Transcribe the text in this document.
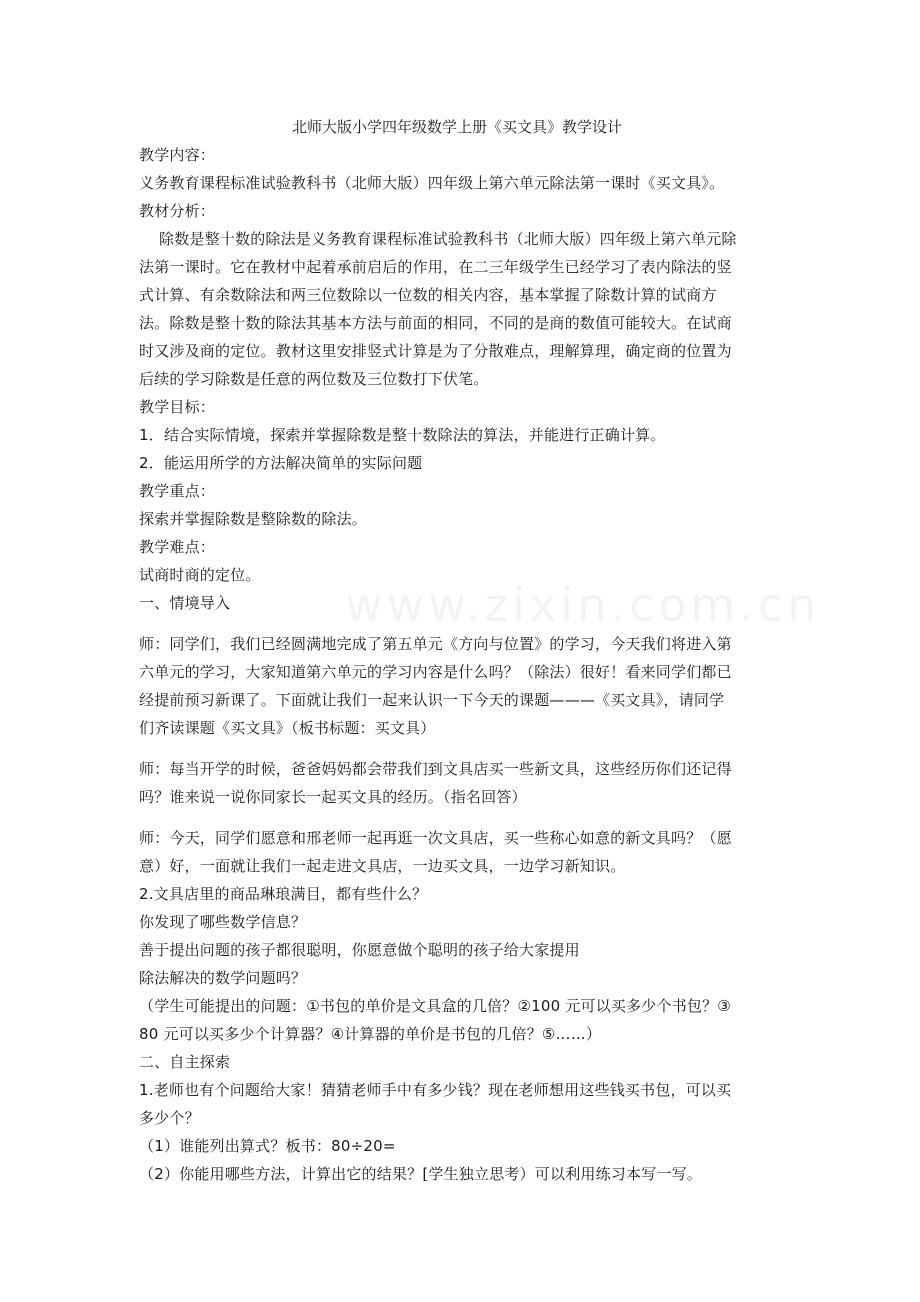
北师大版小学四年级数学上册《买文具》教学设计
教学内容：
义务教育课程标准试验教科书（北师大版）四年级上第六单元除法第一课时《买文具》。
教材分析：
除数是整十数的除法是义务教育课程标准试验教科书（北师大版）四年级上第六单元除
法第一课时。它在教材中起着承前启后的作用，在二三年级学生已经学习了表内除法的竖
式计算、有余数除法和两三位数除以一位数的相关内容，基本掌握了除数计算的试商方
法。除数是整十数的除法其基本方法与前面的相同，不同的是商的数值可能较大。在试商
时又涉及商的定位。教材这里安排竖式计算是为了分散难点，理解算理，确定商的位置为
后续的学习除数是任意的两位数及三位数打下伏笔。
教学目标：
1．结合实际情境，探索并掌握除数是整十数除法的算法，并能进行正确计算。
2．能运用所学的方法解决简单的实际问题
教学重点：
探索并掌握除数是整除数的除法。
教学难点：
试商时商的定位。
一、情境导入
师：同学们，我们已经圆满地完成了第五单元《方向与位置》的学习，今天我们将进入第
六单元的学习，大家知道第六单元的学习内容是什么吗？（除法）很好！看来同学们都已
经提前预习新课了。下面就让我们一起来认识一下今天的课题———《买文具》，请同学
们齐读课题《买文具》（板书标题：买文具）
师：每当开学的时候，爸爸妈妈都会带我们到文具店买一些新文具，这些经历你们还记得
吗？谁来说一说你同家长一起买文具的经历。（指名回答）
师：今天，同学们愿意和邢老师一起再逛一次文具店，买一些称心如意的新文具吗？（愿
意）好，一面就让我们一起走进文具店，一边买文具，一边学习新知识。
2.文具店里的商品琳琅满目，都有些什么？
你发现了哪些数学信息？
善于提出问题的孩子都很聪明，你愿意做个聪明的孩子给大家提用
除法解决的数学问题吗？
（学生可能提出的问题：①书包的单价是文具盒的几倍？②100 元可以买多少个书包？③
80 元可以买多少个计算器？④计算器的单价是书包的几倍？⑤……）
二、自主探索
1.老师也有个问题给大家！猜猜老师手中有多少钱？现在老师想用这些钱买书包，可以买
多少个？
（1）谁能列出算式？板书：80÷20=
（2）你能用哪些方法，计算出它的结果？[学生独立思考）可以利用练习本写一写。
